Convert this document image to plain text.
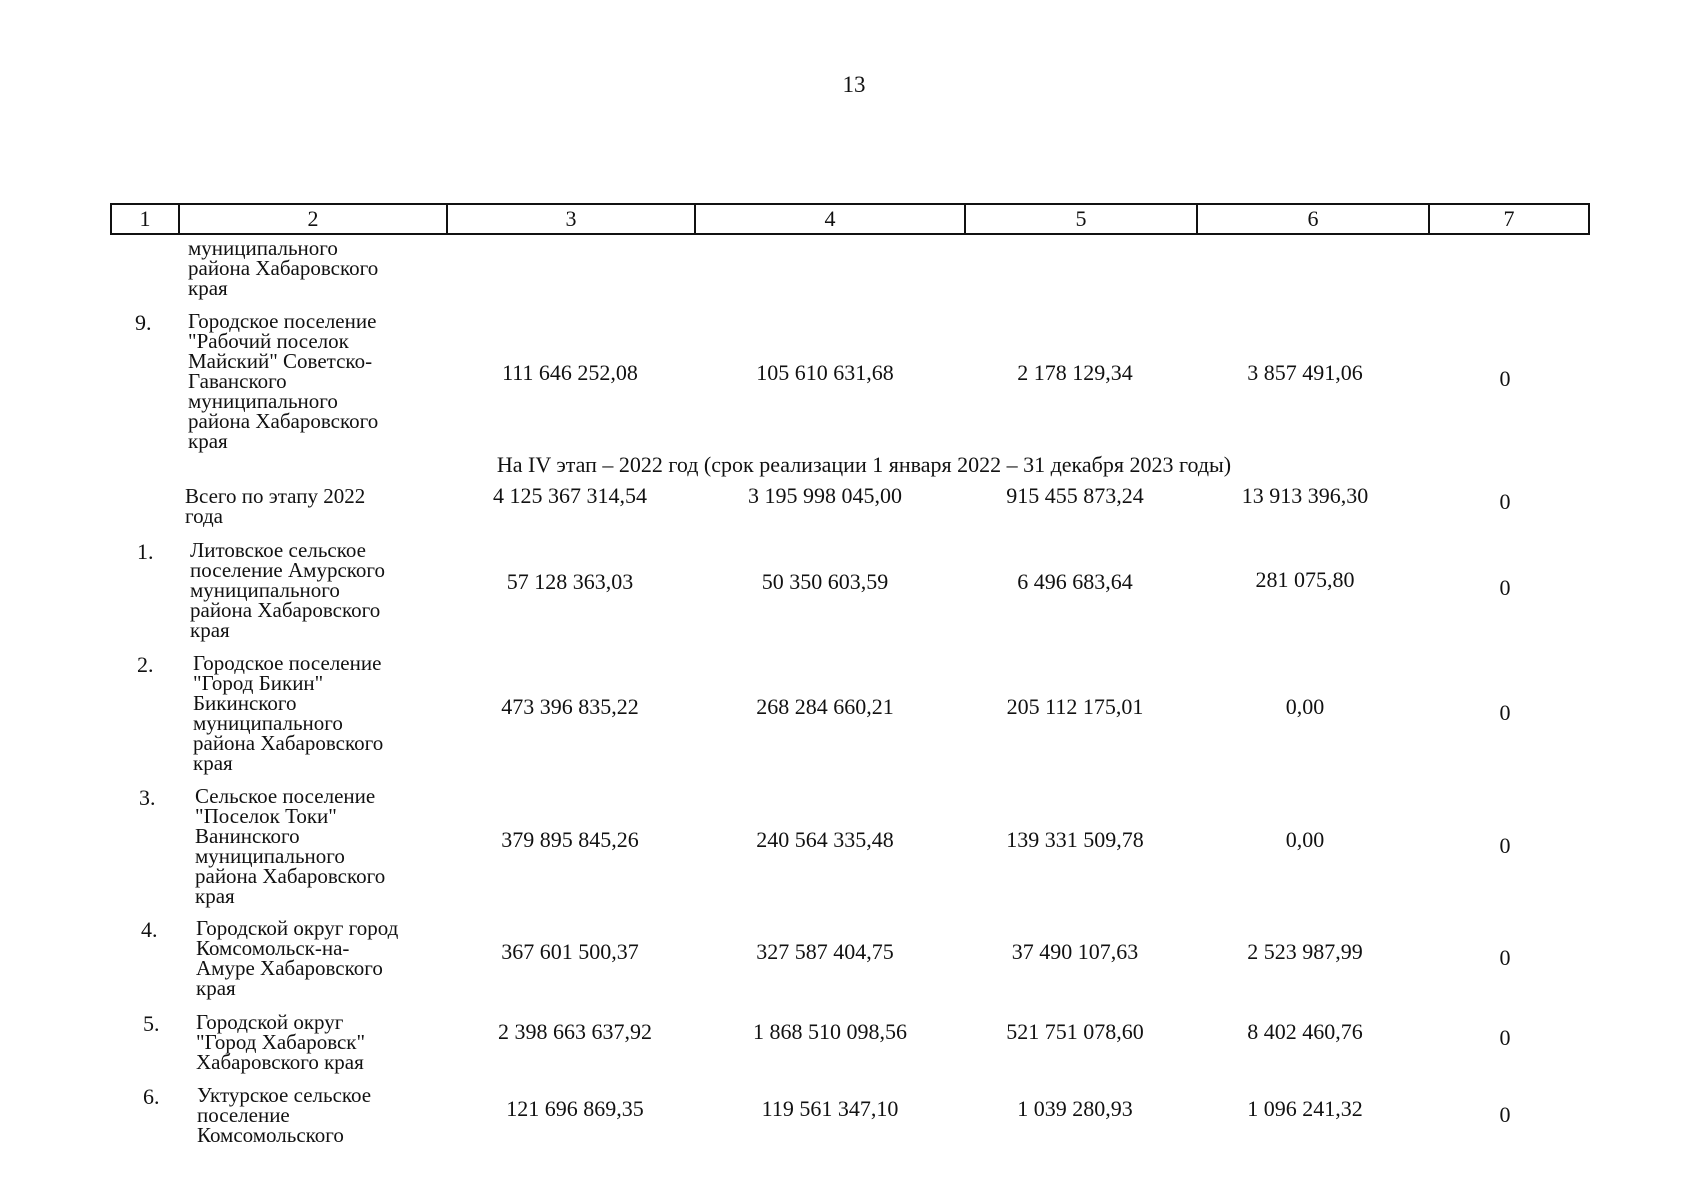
13
1	2	3	4	5	6	7
муниципального
района Хабаровского
края
9.	Городское поселение
"Рабочий поселок
Майский" Советско-
Гаванского
муниципального
района Хабаровского
края
111 646 252,08	105 610 631,68	2 178 129,34	3 857 491,06	0
На IV этап – 2022 год (срок реализации 1 января 2022 – 31 декабря 2023 годы)
Всего по этапу 2022
года
4 125 367 314,54	3 195 998 045,00	915 455 873,24	13 913 396,30	0
1.	Литовское сельское
поселение Амурского
муниципального
района Хабаровского
края
57 128 363,03	50 350 603,59	6 496 683,64	281 075,80	0
2.	Городское поселение
"Город Бикин"
Бикинского
муниципального
района Хабаровского
края
473 396 835,22	268 284 660,21	205 112 175,01	0,00	0
3.	Сельское поселение
"Поселок Токи"
Ванинского
муниципального
района Хабаровского
края
379 895 845,26	240 564 335,48	139 331 509,78	0,00	0
4.	Городской округ город
Комсомольск-на-
Амуре Хабаровского
края
367 601 500,37	327 587 404,75	37 490 107,63	2 523 987,99	0
5.	Городской округ
"Город Хабаровск"
Хабаровского края
2 398 663 637,92	1 868 510 098,56	521 751 078,60	8 402 460,76	0
6.	Уктурское сельское
поселение
Комсомольского
121 696 869,35	119 561 347,10	1 039 280,93	1 096 241,32	0
